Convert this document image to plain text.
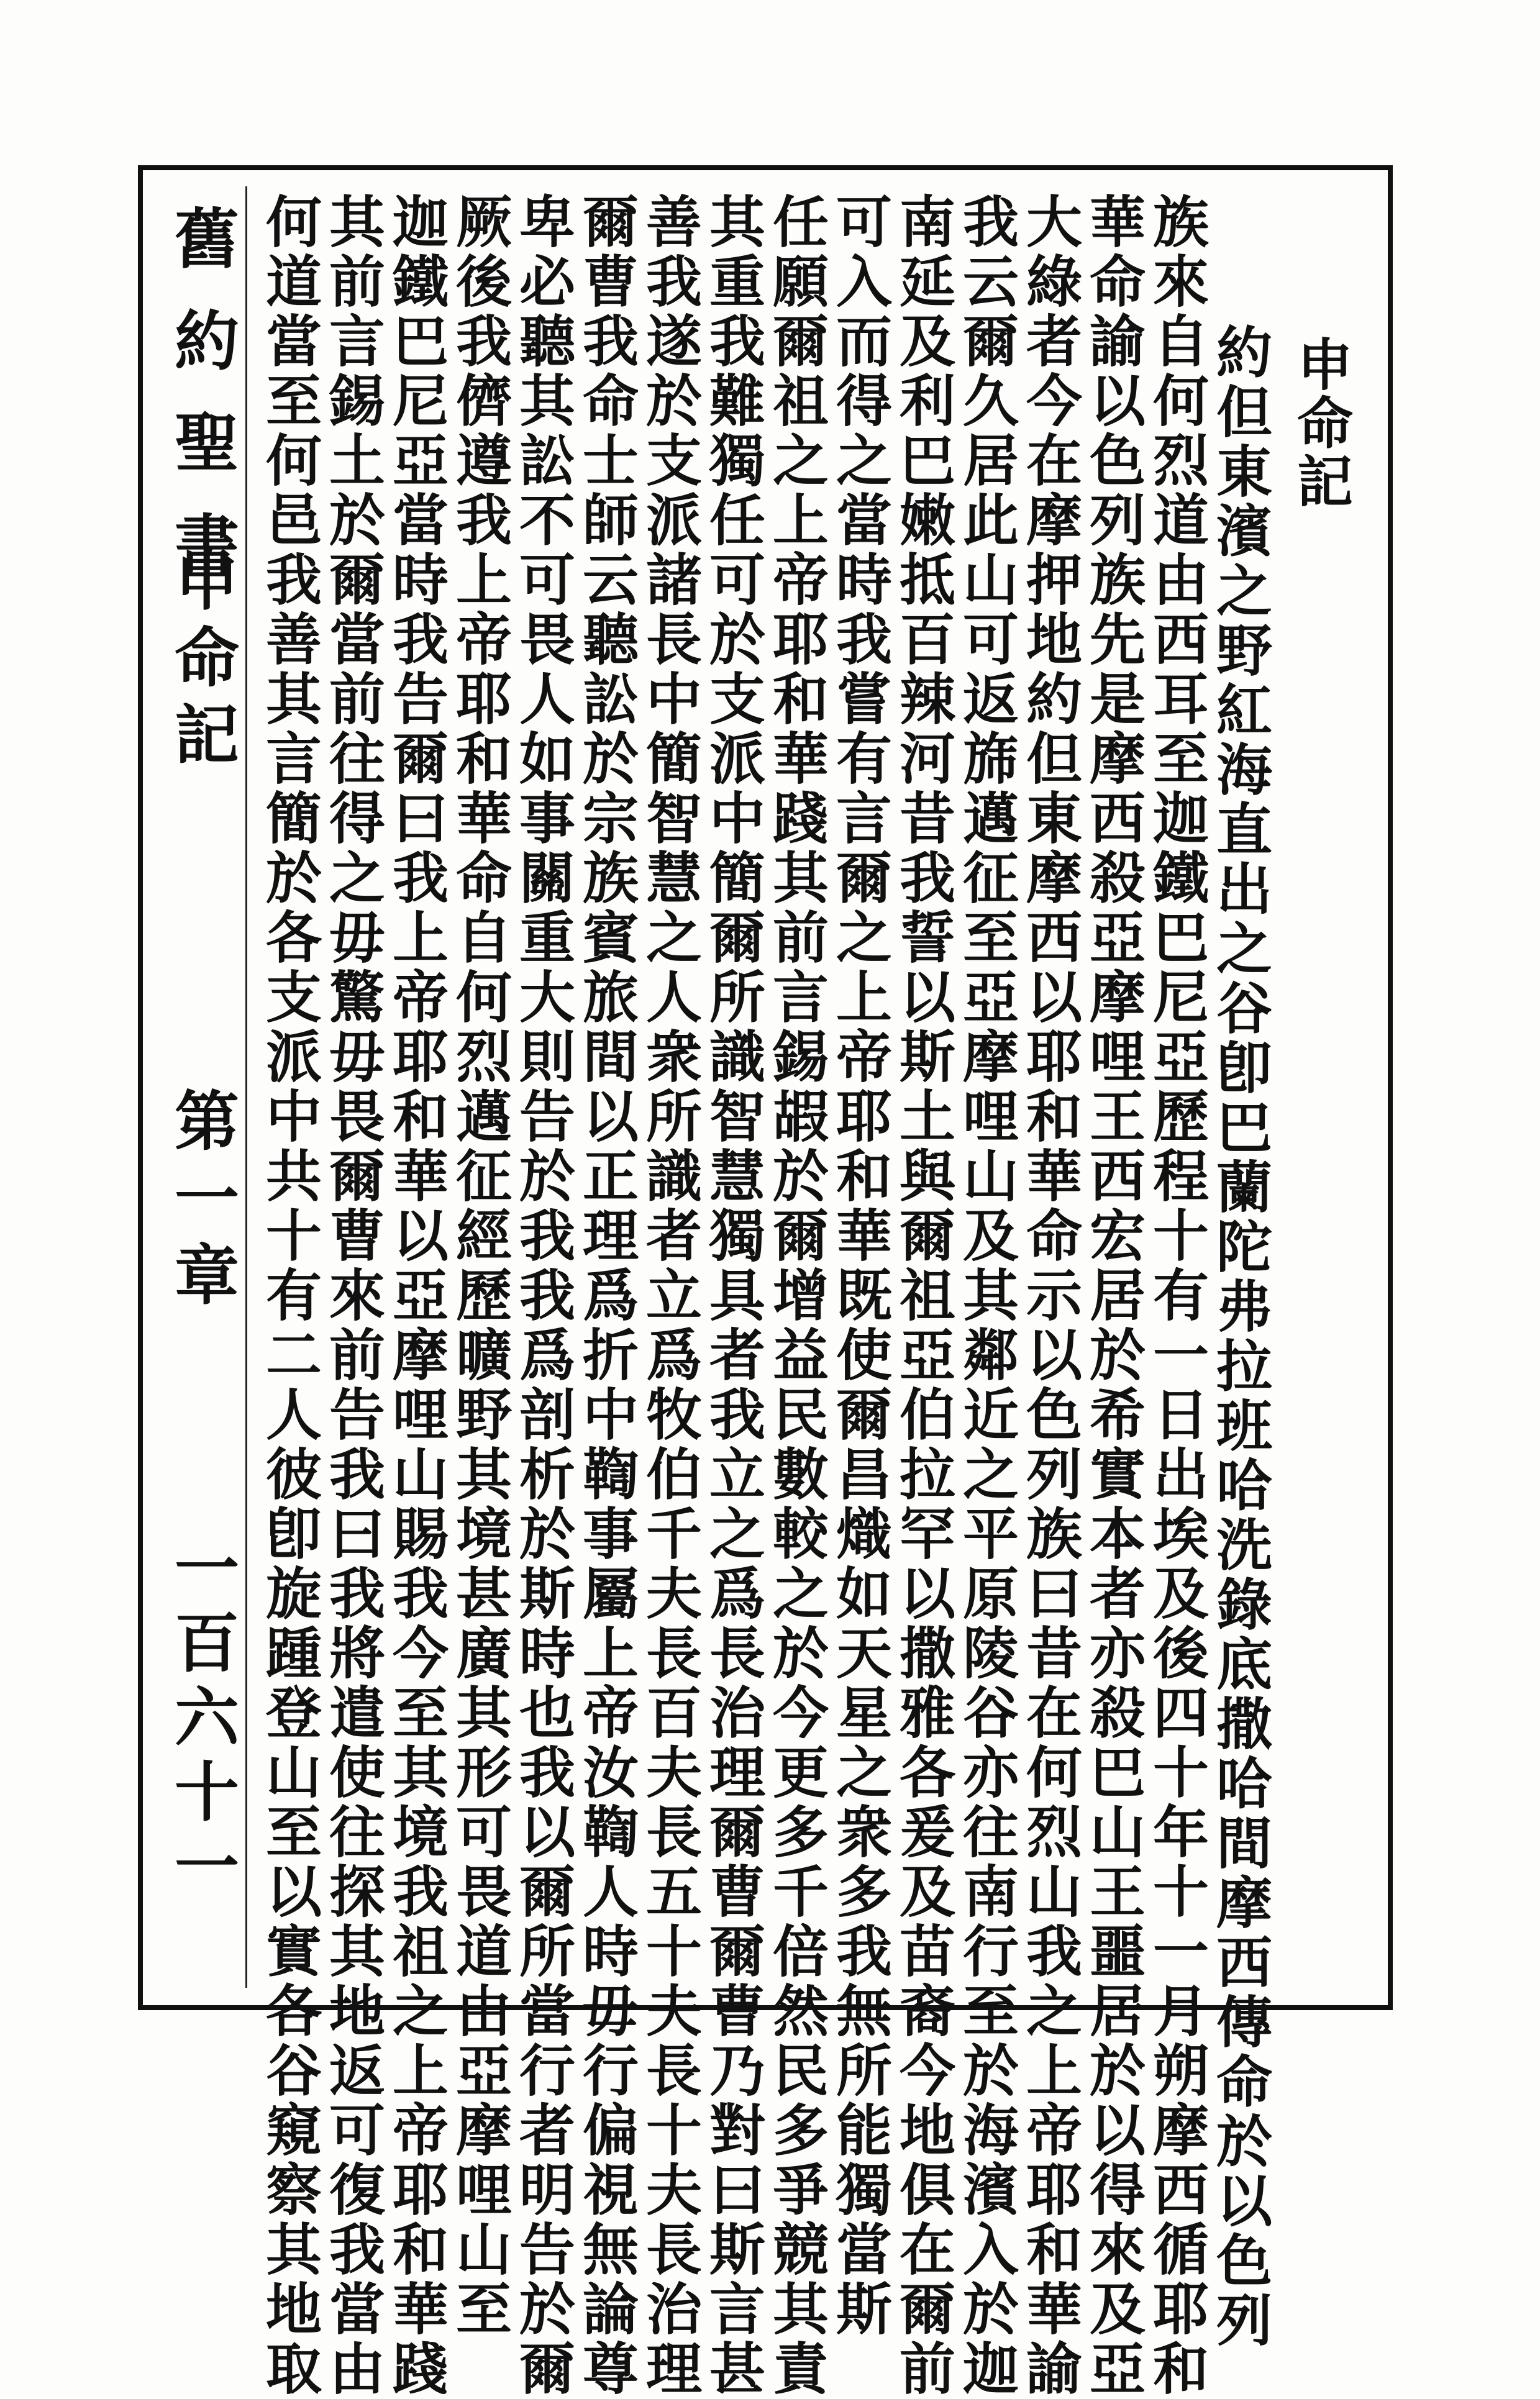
舊約聖書
申命記
第一章
一百六十一
申命記
約但東濱之野紅海直出之谷卽巴蘭陀弗拉班哈洗錄底撒哈間摩西傳命於以色列
族來自何烈道由西耳至迦鐵巴尼亞歷程十有一日出埃及後四十年十一月朔摩西循耶和
華命諭以色列族先是摩西殺亞摩哩王西宏居於希實本者亦殺巴山王噩居於以得來及亞
大綠者今在摩押地約但東摩西以耶和華命示以色列族曰昔在何烈山我之上帝耶和華諭
我云爾久居此山可返旆邁征至亞摩哩山及其鄰近之平原陵谷亦往南行至於海濱入於迦
南延及利巴嫩抵百辣河昔我誓以斯土與爾祖亞伯拉罕以撒雅各爰及苗裔今地俱在爾前
可入而得之當時我嘗有言爾之上帝耶和華既使爾昌熾如天星之衆多我無所能獨當斯
任願爾祖之上帝耶和華踐其前言錫嘏於爾增益民數較之於今更多千倍然民多爭競其責
其重我難獨任可於支派中簡爾所識智慧獨具者我立之爲長治理爾曹爾曹乃對曰斯言甚
善我遂於支派諸長中簡智慧之人衆所識者立爲牧伯千夫長百夫長五十夫長十夫長治理
爾曹我命士師云聽訟於宗族賓旅間以正理爲折中鞫事屬上帝汝鞫人時毋行偏視無論尊
卑必聽其訟不可畏人如事關重大則告於我我爲剖析於斯時也我以爾所當行者明告於爾
厥後我儕遵我上帝耶和華命自何烈邁征經歷曠野其境甚廣其形可畏道由亞摩哩山至
迦鐵巴尼亞當時我告爾曰我上帝耶和華以亞摩哩山賜我今至其境我祖之上帝耶和華踐
其前言錫土於爾當前往得之毋驚毋畏爾曹來前告我曰我將遣使往探其地返可復我當由
何道當至何邑我善其言簡於各支派中共十有二人彼卽旋踵登山至以實各谷窺察其地取
